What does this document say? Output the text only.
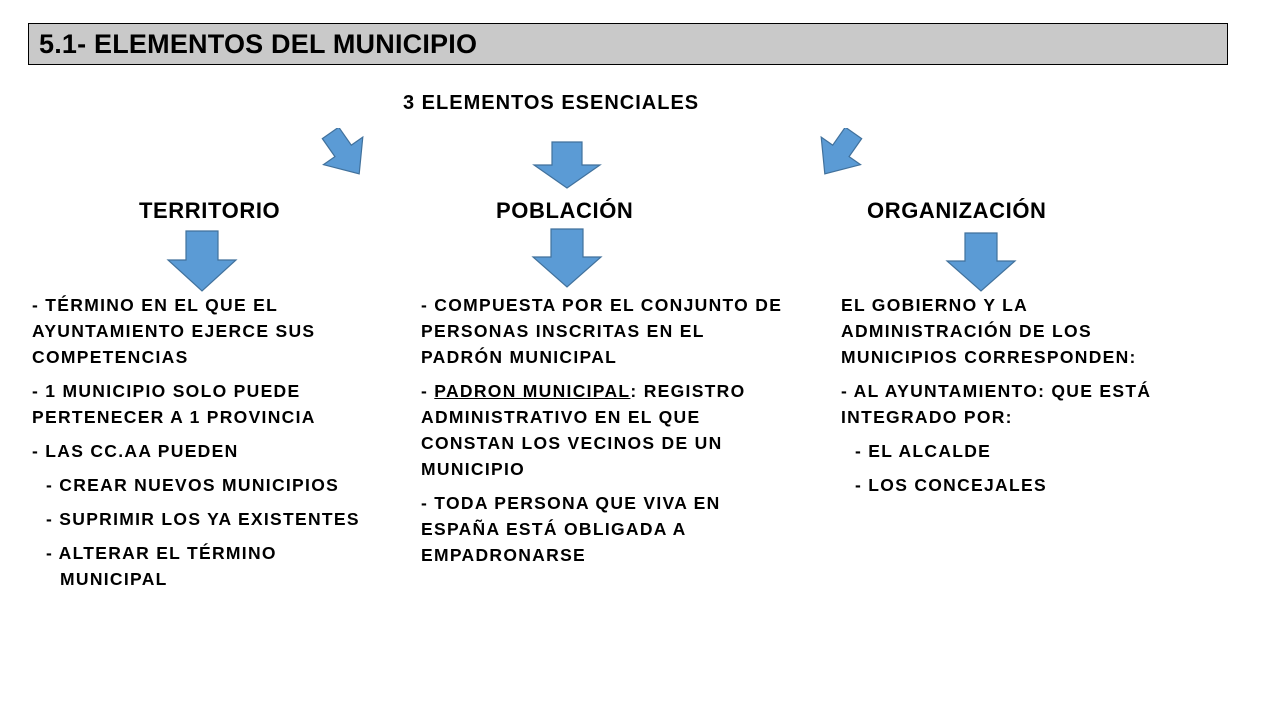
5.1- ELEMENTOS DEL MUNICIPIO
3 ELEMENTOS ESENCIALES
TERRITORIO	POBLACIÓN	ORGANIZACIÓN

- TÉRMINO EN EL QUE EL AYUNTAMIENTO EJERCE SUS COMPETENCIAS

- 1 MUNICIPIO SOLO PUEDE PERTENECER A 1 PROVINCIA

- LAS CC.AA PUEDEN

- CREAR NUEVOS MUNICIPIOS
- SUPRIMIR LOS YA EXISTENTES
- ALTERAR EL TÉRMINO MUNICIPAL

- COMPUESTA POR EL CONJUNTO DE PERSONAS INSCRITAS EN EL PADRÓN MUNICIPAL

- PADRON MUNICIPAL: REGISTRO ADMINISTRATIVO EN EL QUE CONSTAN LOS VECINOS DE UN MUNICIPIO

- TODA PERSONA QUE VIVA EN ESPAÑA ESTÁ OBLIGADA A EMPADRONARSE

EL GOBIERNO Y LA ADMINISTRACIÓN DE LOS MUNICIPIOS CORRESPONDEN:

- AL AYUNTAMIENTO: QUE ESTÁ INTEGRADO POR:

- EL ALCALDE
- LOS CONCEJALES
